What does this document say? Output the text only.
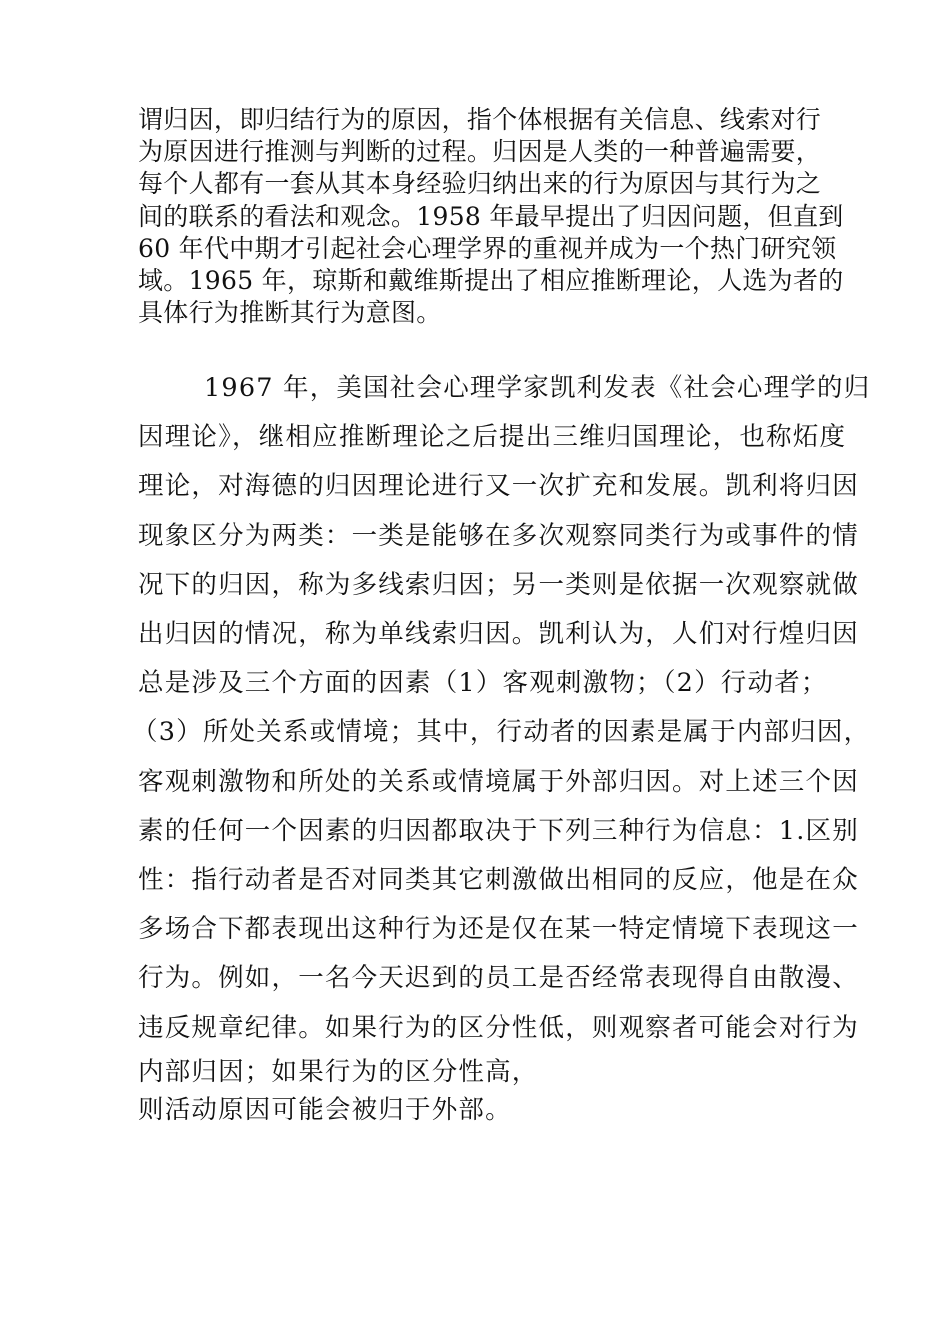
谓归因，即归结行为的原因，指个体根据有关信息、线索对行
为原因进行推测与判断的过程。归因是人类的一种普遍需要，
每个人都有一套从其本身经验归纳出来的行为原因与其行为之
间的联系的看法和观念。1958 年最早提出了归因问题，但直到
60 年代中期才引起社会心理学界的重视并成为一个热门研究领
域。1965 年，琼斯和戴维斯提出了相应推断理论，人选为者的
具体行为推断其行为意图。
1967 年，美国社会心理学家凯利发表《社会心理学的归
因理论》，继相应推断理论之后提出三维归国理论，也称炻度
理论，对海德的归因理论进行又一次扩充和发展。凯利将归因
现象区分为两类：一类是能够在多次观察同类行为或事件的情
况下的归因，称为多线索归因；另一类则是依据一次观察就做
出归因的情况，称为单线索归因。凯利认为，人们对行煌归因
总是涉及三个方面的因素（1）客观刺激物；（2）行动者；
（3）所处关系或情境；其中，行动者的因素是属于内部归因，
客观刺激物和所处的关系或情境属于外部归因。对上述三个因
素的任何一个因素的归因都取决于下列三种行为信息：1.区别
性：指行动者是否对同类其它刺激做出相同的反应，他是在众
多场合下都表现出这种行为还是仅在某一特定情境下表现这一
行为。例如，一名今天迟到的员工是否经常表现得自由散漫、
违反规章纪律。如果行为的区分性低，则观察者可能会对行为
内部归因；如果行为的区分性高，
则活动原因可能会被归于外部。
